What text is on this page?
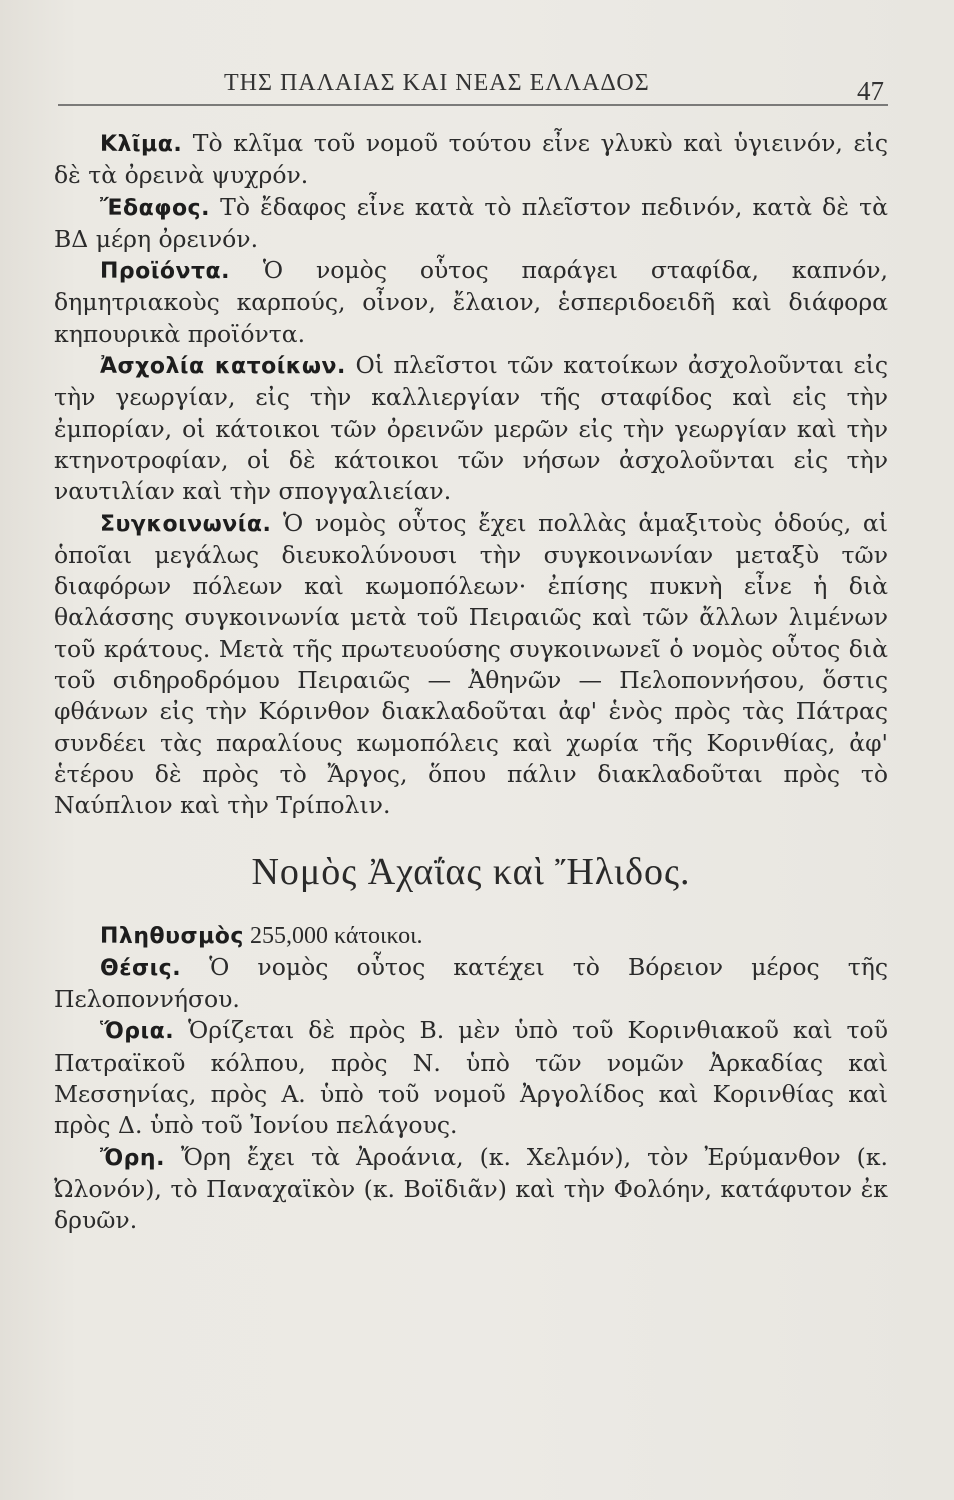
ΤΗΣ ΠΑΛΑΙΑΣ ΚΑΙ ΝΕΑΣ ΕΛΛΑΔΟΣ	47

Κλῖμα. Τὸ κλῖμα τοῦ νομοῦ τούτου εἶνε γλυκὺ καὶ ὑγιεινόν, εἰς δὲ τὰ ὀρεινὰ ψυχρόν.

Ἔδαφος. Τὸ ἔδαφος εἶνε κατὰ τὸ πλεῖστον πεδινόν, κατὰ δὲ τὰ ΒΔ μέρη ὀρεινόν.

Προϊόντα. Ὁ νομὸς οὗτος παράγει σταφίδα, καπνόν, δημητριακοὺς καρπούς, οἶνον, ἔλαιον, ἑσπεριδοειδῆ καὶ διάφορα κηπουρικὰ προϊόντα.

Ἀσχολία κατοίκων. Οἱ πλεῖστοι τῶν κατοίκων ἀσχολοῦνται εἰς τὴν γεωργίαν, εἰς τὴν καλλιεργίαν τῆς σταφίδος καὶ εἰς τὴν ἐμπορίαν, οἱ κάτοικοι τῶν ὀρεινῶν μερῶν εἰς τὴν γεωργίαν καὶ τὴν κτηνοτροφίαν, οἱ δὲ κάτοικοι τῶν νήσων ἀσχολοῦνται εἰς τὴν ναυτιλίαν καὶ τὴν σπογγαλιείαν.

Συγκοινωνία. Ὁ νομὸς οὗτος ἔχει πολλὰς ἁμαξιτοὺς ὁδούς, αἱ ὁποῖαι μεγάλως διευκολύνουσι τὴν συγκοινωνίαν μεταξὺ τῶν διαφόρων πόλεων καὶ κωμοπόλεων· ἐπίσης πυκνὴ εἶνε ἡ διὰ θαλάσσης συγκοινωνία μετὰ τοῦ Πειραιῶς καὶ τῶν ἄλλων λιμένων τοῦ κράτους. Μετὰ τῆς πρωτευούσης συγκοινωνεῖ ὁ νομὸς οὗτος διὰ τοῦ σιδηροδρόμου Πειραιῶς — Ἀθηνῶν — Πελοποννήσου, ὅστις φθάνων εἰς τὴν Κόρινθον διακλαδοῦται ἀφ' ἑνὸς πρὸς τὰς Πάτρας συνδέει τὰς παραλίους κωμοπόλεις καὶ χωρία τῆς Κορινθίας, ἀφ' ἑτέρου δὲ πρὸς τὸ Ἄργος, ὅπου πάλιν διακλαδοῦται πρὸς τὸ Ναύπλιον καὶ τὴν Τρίπολιν.

Νομὸς Ἀχαΐας καὶ Ἤλιδος.

Πληθυσμὸς 255,000 κάτοικοι.

Θέσις. Ὁ νομὸς οὗτος κατέχει τὸ Βόρειον μέρος τῆς Πελοποννήσου.

Ὅρια. Ὁρίζεται δὲ πρὸς Β. μὲν ὑπὸ τοῦ Κορινθιακοῦ καὶ τοῦ Πατραϊκοῦ κόλπου, πρὸς Ν. ὑπὸ τῶν νομῶν Ἀρκαδίας καὶ Μεσσηνίας, πρὸς Α. ὑπὸ τοῦ νομοῦ Ἀργολίδος καὶ Κορινθίας καὶ πρὸς Δ. ὑπὸ τοῦ Ἰονίου πελάγους.

Ὄρη. Ὄρη ἔχει τὰ Ἀροάνια, (κ. Χελμόν), τὸν Ἐρύμανθον (κ. Ὠλονόν), τὸ Παναχαϊκὸν (κ. Βοϊδιᾶν) καὶ τὴν Φολόην, κατάφυτον ἐκ δρυῶν.
